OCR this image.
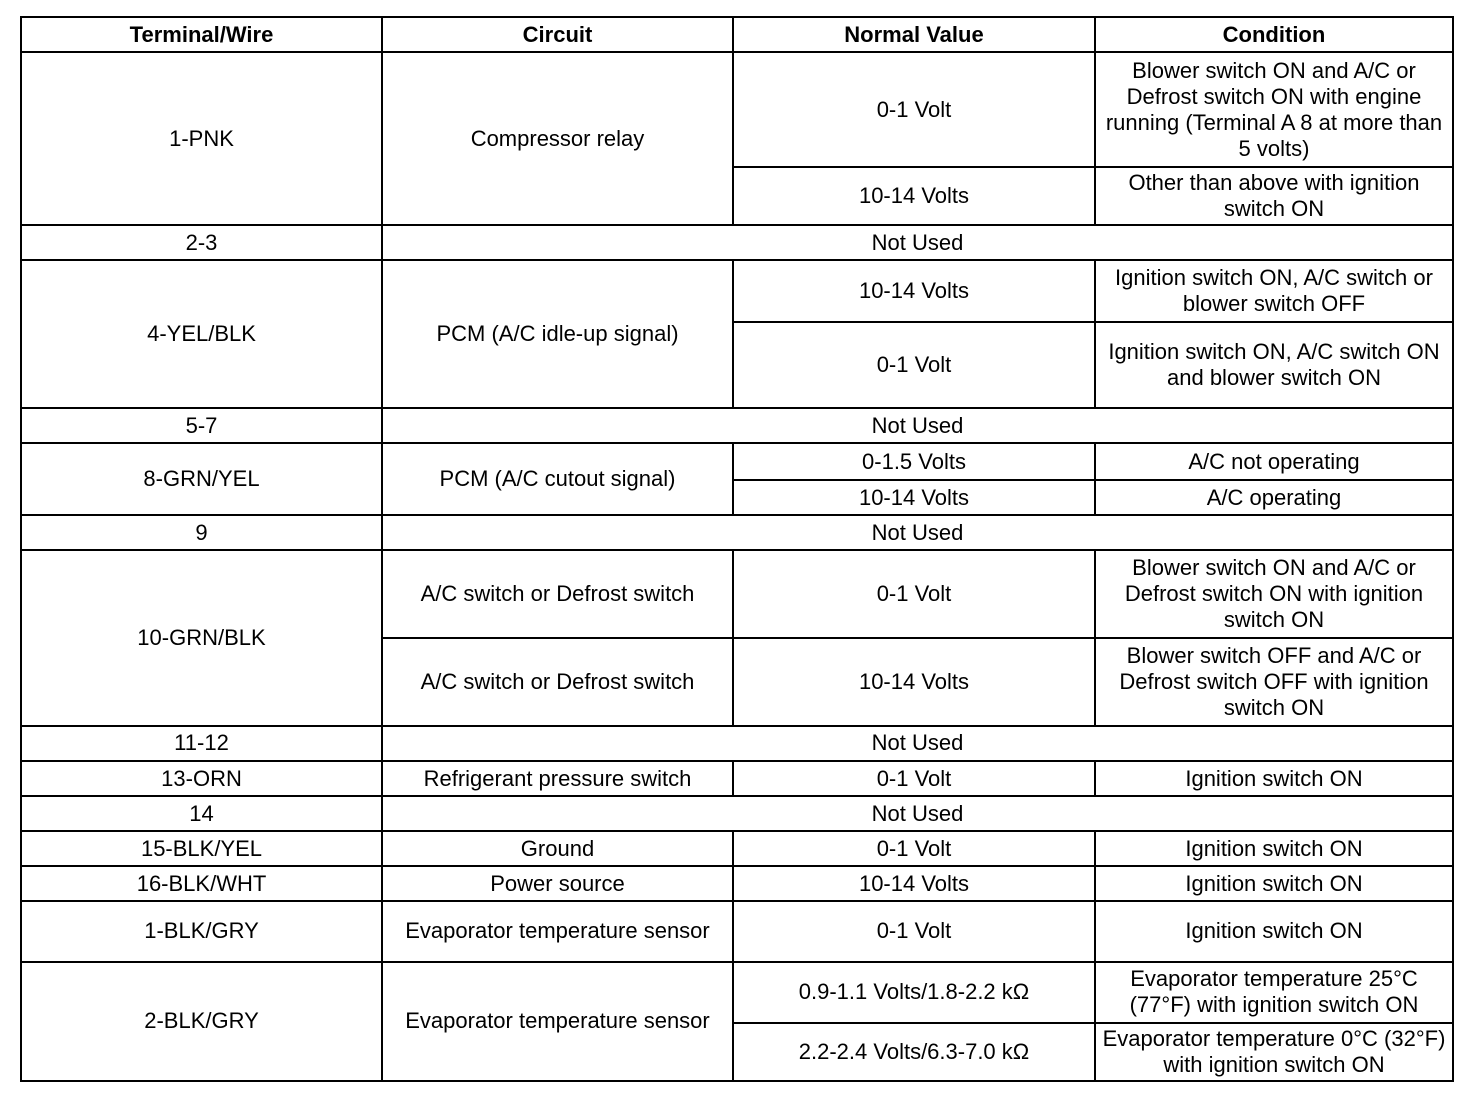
Terminal/Wire	Circuit	Normal Value	Condition
1-PNK	Compressor relay	0-1 Volt	Blower switch ON and A/C or Defrost switch ON with engine running (Terminal A 8 at more than 5 volts)
		10-14 Volts	Other than above with ignition switch ON
2-3	Not Used		
4-YEL/BLK	PCM (A/C idle-up signal)	10-14 Volts	Ignition switch ON, A/C switch or blower switch OFF
		0-1 Volt	Ignition switch ON, A/C switch ON and blower switch ON
5-7	Not Used		
8-GRN/YEL	PCM (A/C cutout signal)	0-1.5 Volts	A/C not operating
		10-14 Volts	A/C operating
9	Not Used		
10-GRN/BLK	A/C switch or Defrost switch	0-1 Volt	Blower switch ON and A/C or Defrost switch ON with ignition switch ON
	A/C switch or Defrost switch	10-14 Volts	Blower switch OFF and A/C or Defrost switch OFF with ignition switch ON
11-12	Not Used		
13-ORN	Refrigerant pressure switch	0-1 Volt	Ignition switch ON
14	Not Used		
15-BLK/YEL	Ground	0-1 Volt	Ignition switch ON
16-BLK/WHT	Power source	10-14 Volts	Ignition switch ON
1-BLK/GRY	Evaporator temperature sensor	0-1 Volt	Ignition switch ON
2-BLK/GRY	Evaporator temperature sensor	0.9-1.1 Volts/1.8-2.2 kΩ	Evaporator temperature 25°C (77°F) with ignition switch ON
		2.2-2.4 Volts/6.3-7.0 kΩ	Evaporator temperature 0°C (32°F) with ignition switch ON
